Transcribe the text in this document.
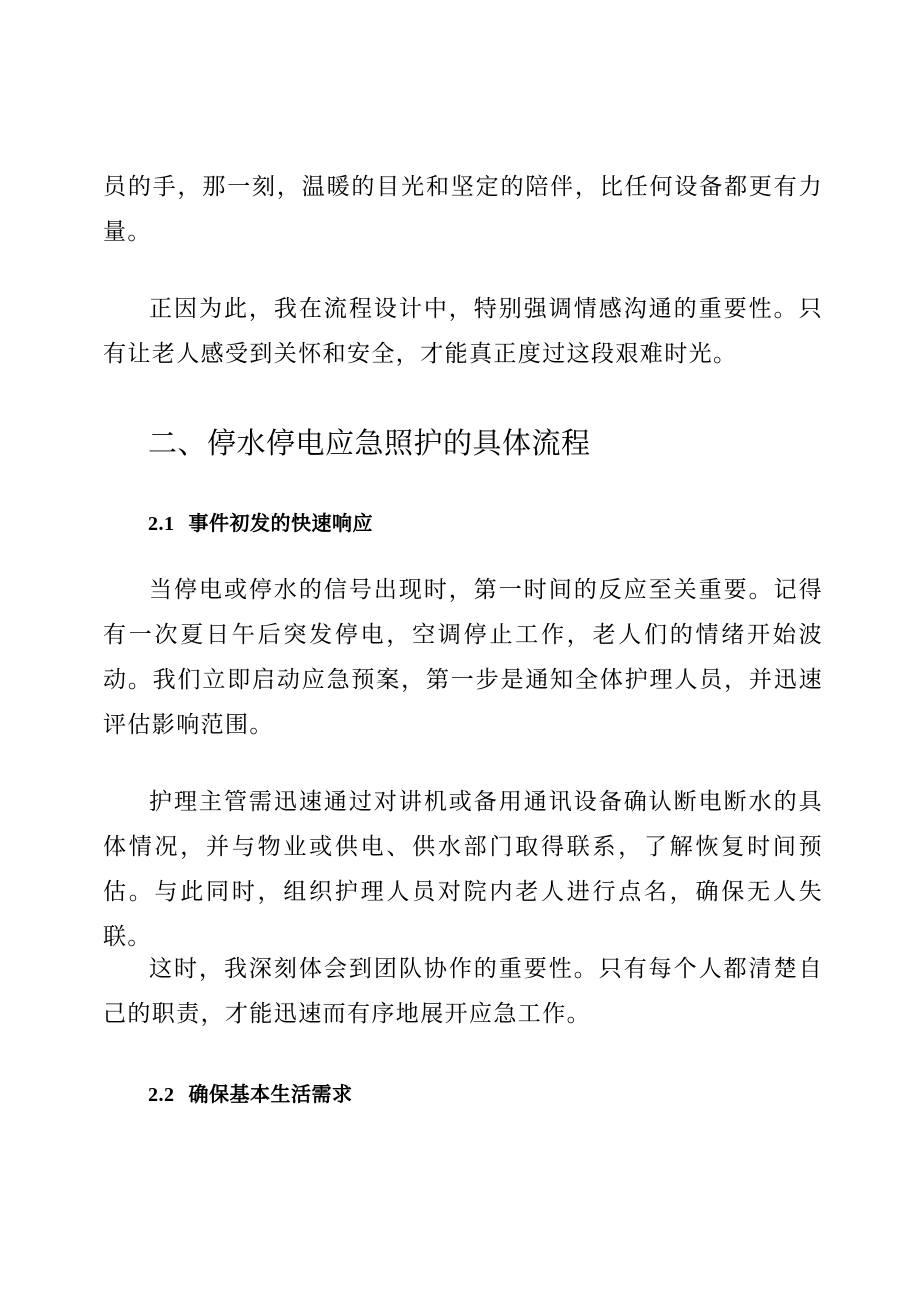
员的手，那一刻，温暖的目光和坚定的陪伴，比任何设备都更有力量。

正因为此，我在流程设计中，特别强调情感沟通的重要性。只有让老人感受到关怀和安全，才能真正度过这段艰难时光。

二、停水停电应急照护的具体流程
2.1 事件初发的快速响应

当停电或停水的信号出现时，第一时间的反应至关重要。记得有一次夏日午后突发停电，空调停止工作，老人们的情绪开始波动。我们立即启动应急预案，第一步是通知全体护理人员，并迅速评估影响范围。

护理主管需迅速通过对讲机或备用通讯设备确认断电断水的具体情况，并与物业或供电、供水部门取得联系，了解恢复时间预估。与此同时，组织护理人员对院内老人进行点名，确保无人失联。

这时，我深刻体会到团队协作的重要性。只有每个人都清楚自己的职责，才能迅速而有序地展开应急工作。

2.2 确保基本生活需求
